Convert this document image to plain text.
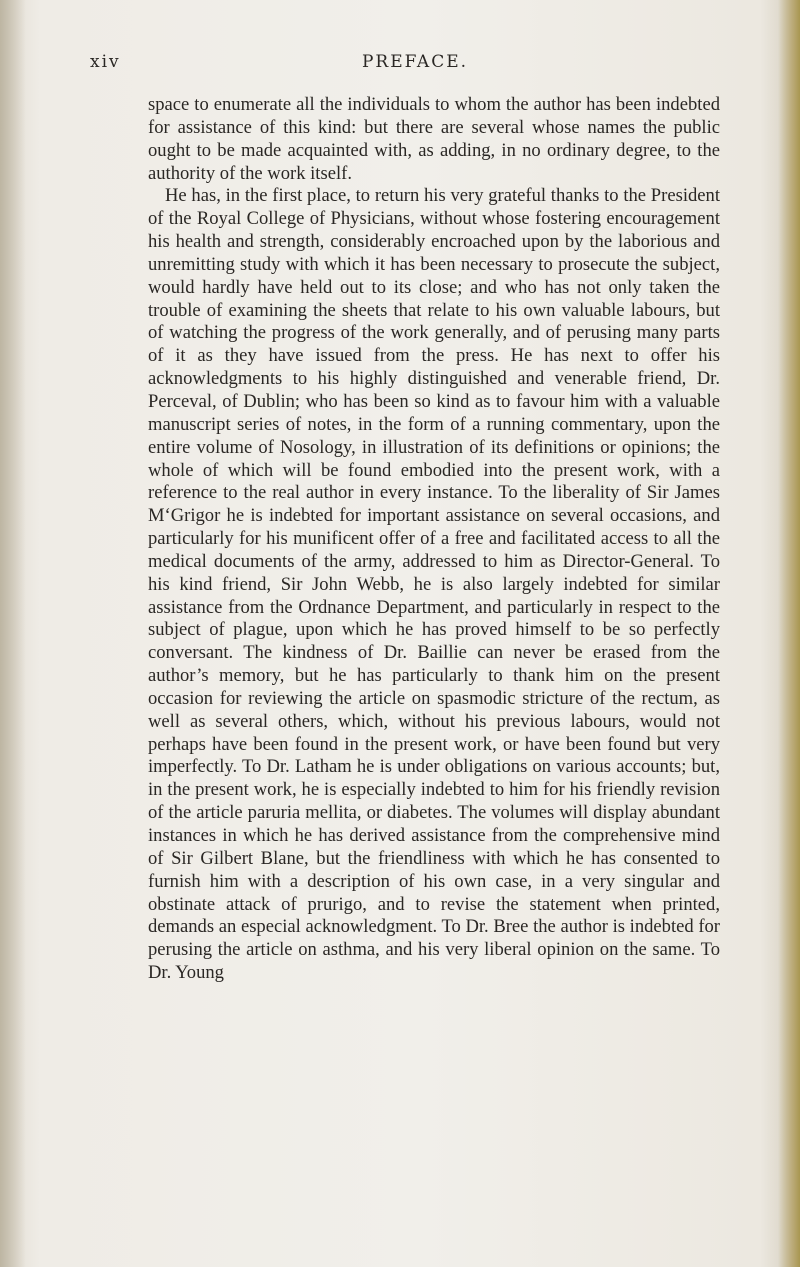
xiv	PREFACE.

space to enumerate all the individuals to whom the author has been indebted for assistance of this kind: but there are several whose names the public ought to be made acquainted with, as adding, in no ordinary degree, to the authority of the work itself.

He has, in the first place, to return his very grateful thanks to the President of the Royal College of Physicians, without whose fostering encouragement his health and strength, considerably encroached upon by the laborious and unremitting study with which it has been necessary to prosecute the subject, would hardly have held out to its close; and who has not only taken the trouble of examining the sheets that relate to his own valuable labours, but of watching the progress of the work generally, and of perusing many parts of it as they have issued from the press. He has next to offer his acknowledgments to his highly distinguished and venerable friend, Dr. Perceval, of Dublin; who has been so kind as to favour him with a valuable manuscript series of notes, in the form of a running commentary, upon the entire volume of Nosology, in illustration of its definitions or opinions; the whole of which will be found embodied into the present work, with a reference to the real author in every instance. To the liberality of Sir James M‘Grigor he is indebted for important assistance on several occasions, and particularly for his munificent offer of a free and facilitated access to all the medical documents of the army, addressed to him as Director-General. To his kind friend, Sir John Webb, he is also largely indebted for similar assistance from the Ordnance Department, and particularly in respect to the subject of plague, upon which he has proved himself to be so perfectly conversant. The kindness of Dr. Baillie can never be erased from the author’s memory, but he has particularly to thank him on the present occasion for reviewing the article on spasmodic stricture of the rectum, as well as several others, which, without his previous labours, would not perhaps have been found in the present work, or have been found but very imperfectly. To Dr. Latham he is under obligations on various accounts; but, in the present work, he is especially indebted to him for his friendly revision of the article paruria mellita, or diabetes. The volumes will display abundant instances in which he has derived assistance from the comprehensive mind of Sir Gilbert Blane, but the friendliness with which he has consented to furnish him with a description of his own case, in a very singular and obstinate attack of prurigo, and to revise the statement when printed, demands an especial acknowledgment. To Dr. Bree the author is indebted for perusing the article on asthma, and his very liberal opinion on the same. To Dr. Young
